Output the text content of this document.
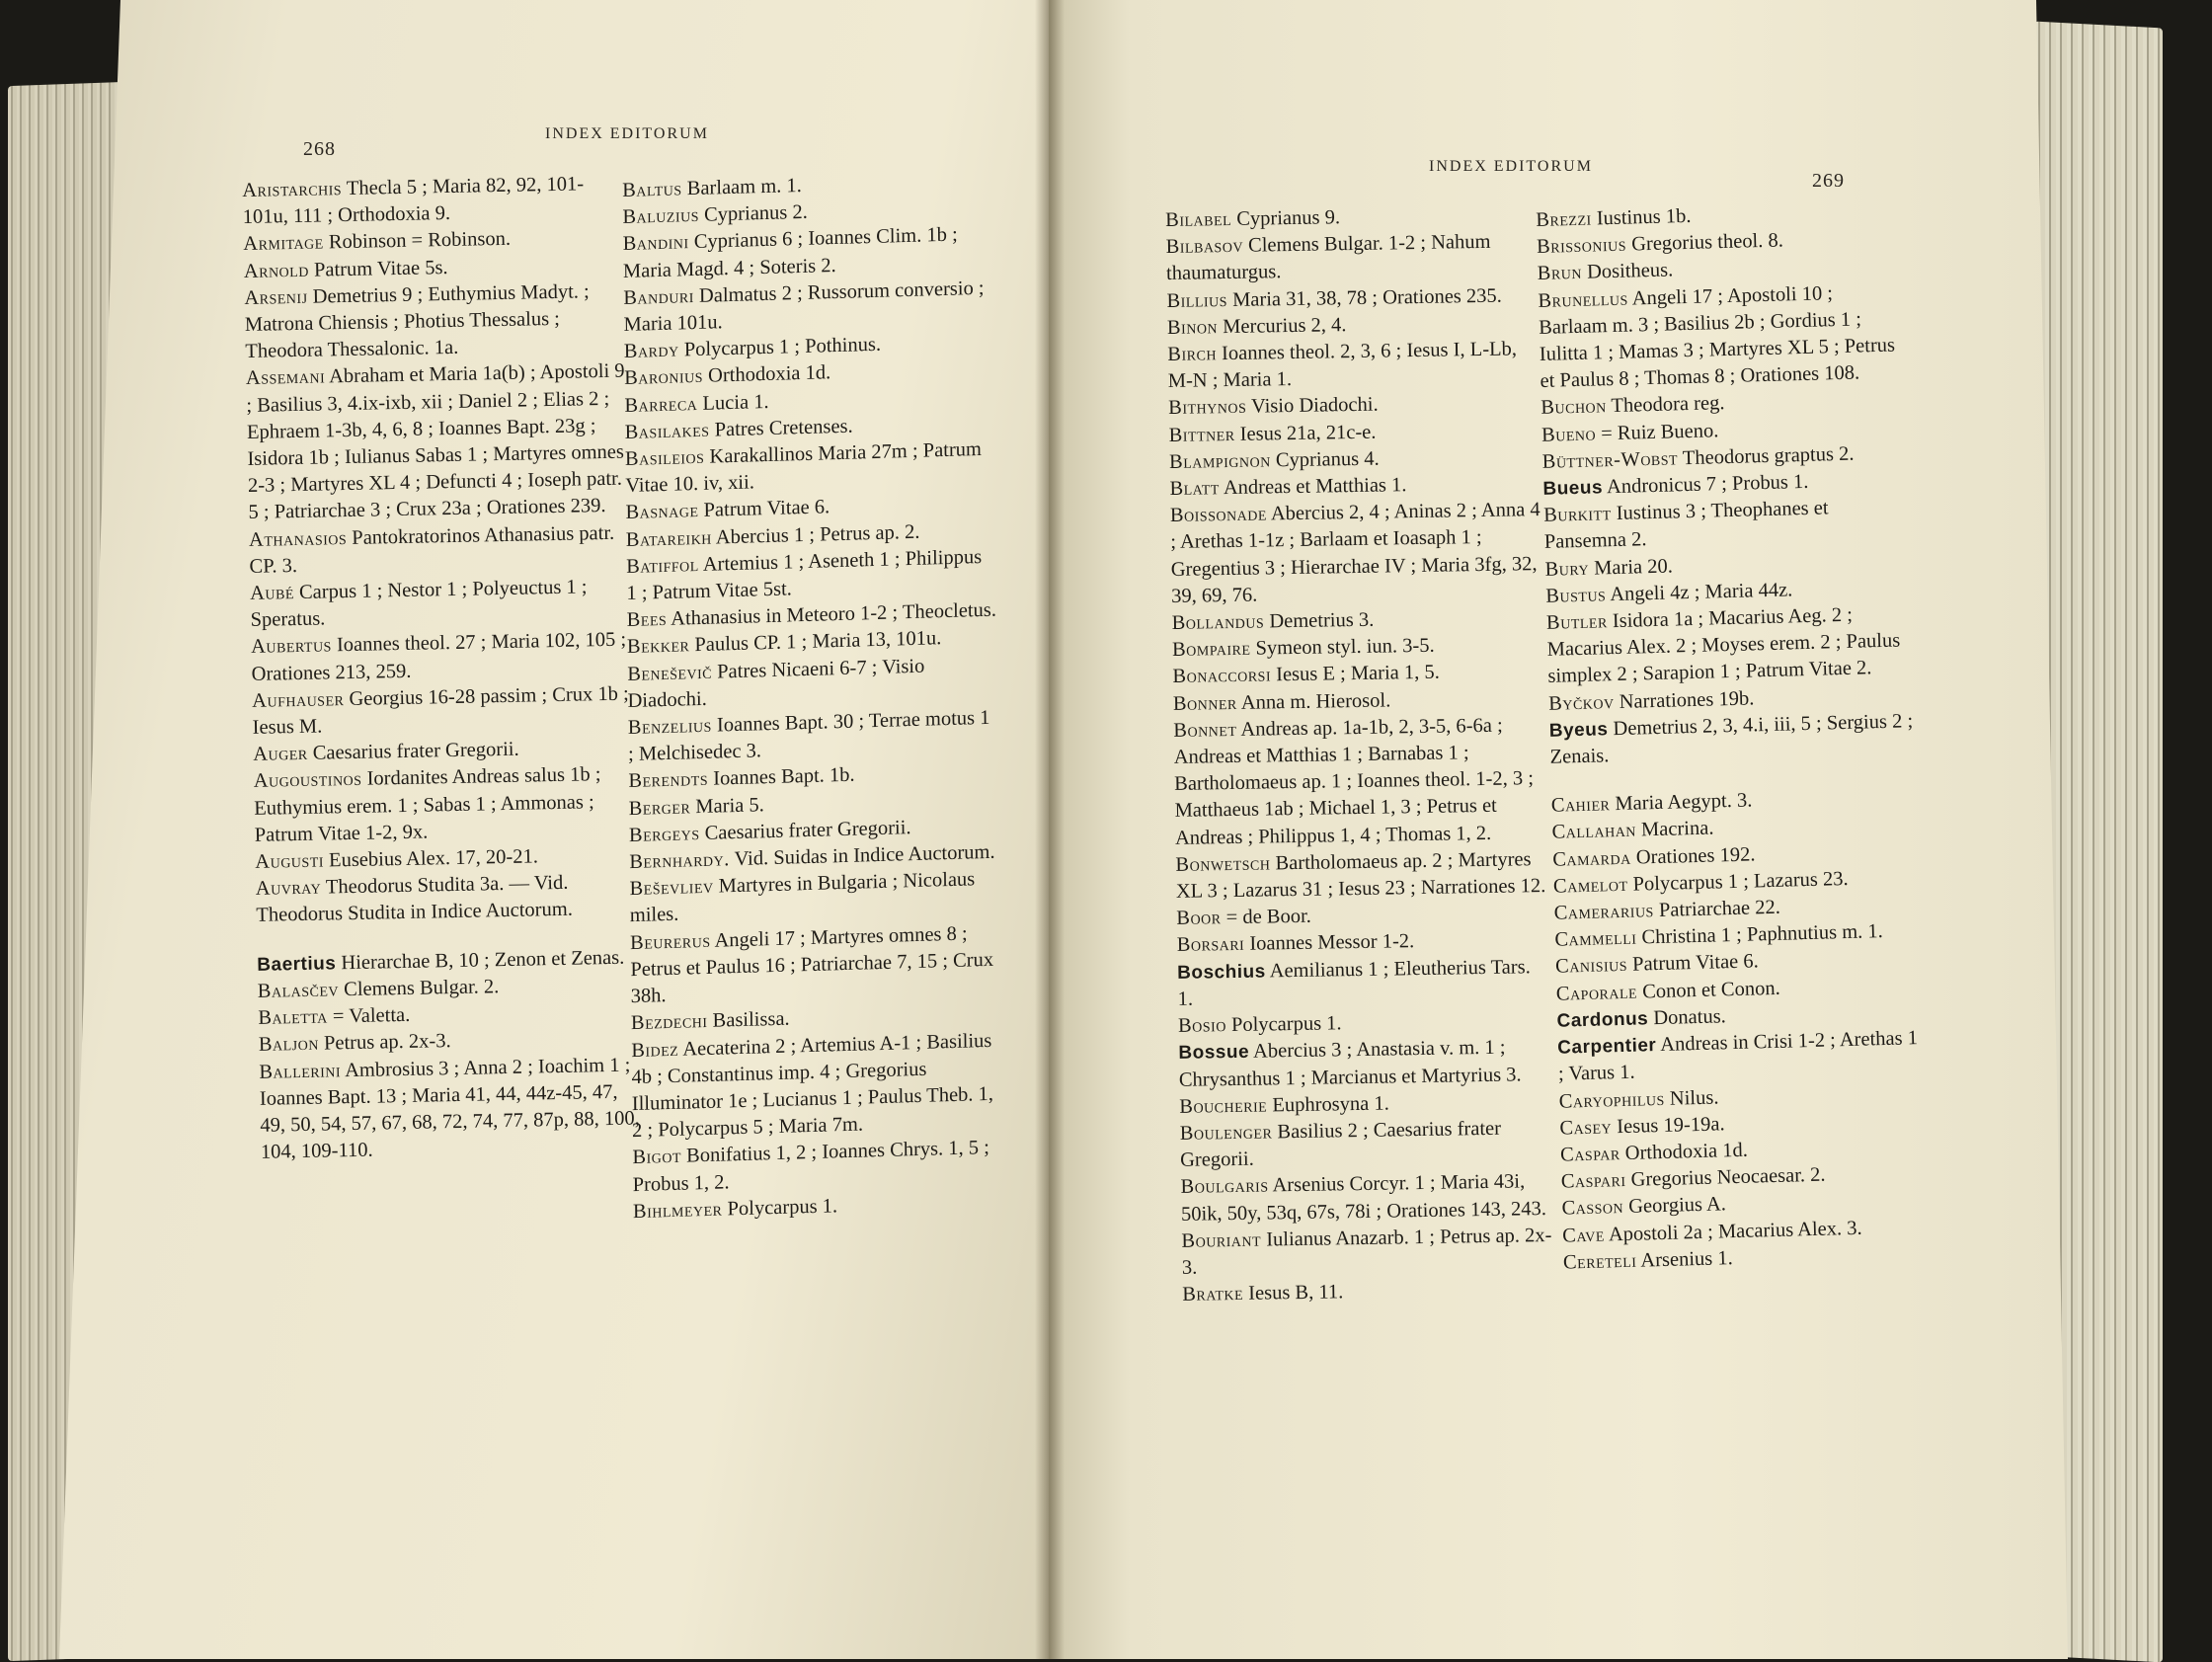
268
INDEX EDITORUM
269
INDEX EDITORUM

Aristarchis Thecla 5 ; Maria 82, 92, 101-101u, 111 ; Orthodoxia 9.

Armitage Robinson = Robinson.

Arnold Patrum Vitae 5s.

Arsenij Demetrius 9 ; Euthymius Madyt. ; Matrona Chiensis ; Photius Thessalus ; Theodora Thessalonic. 1a.

Assemani Abraham et Maria 1a(b) ; Apostoli 9 ; Basilius 3, 4.ix-ixb, xii ; Daniel 2 ; Elias 2 ; Ephraem 1-3b, 4, 6, 8 ; Ioannes Bapt. 23g ; Isidora 1b ; Iulianus Sabas 1 ; Martyres omnes 2-3 ; Martyres XL 4 ; Defuncti 4 ; Ioseph patr. 5 ; Patriarchae 3 ; Crux 23a ; Orationes 239.

Athanasios Pantokratorinos Athanasius patr. CP. 3.

Aubé Carpus 1 ; Nestor 1 ; Polyeuctus 1 ; Speratus.

Aubertus Ioannes theol. 27 ; Maria 102, 105 ; Orationes 213, 259.

Aufhauser Georgius 16-28 passim ; Crux 1b ; Iesus M.

Auger Caesarius frater Gregorii.

Augoustinos Iordanites Andreas salus 1b ; Euthymius erem. 1 ; Sabas 1 ; Ammonas ; Patrum Vitae 1-2, 9x.

Augusti Eusebius Alex. 17, 20-21.

Auvray Theodorus Studita 3a. — Vid. Theodorus Studita in Indice Auctorum.

Baertius Hierarchae B, 10 ; Zenon et Zenas.

Balasčev Clemens Bulgar. 2.

Baletta = Valetta.

Baljon Petrus ap. 2x-3.

Ballerini Ambrosius 3 ; Anna 2 ; Ioachim 1 ; Ioannes Bapt. 13 ; Maria 41, 44, 44z-45, 47, 49, 50, 54, 57, 67, 68, 72, 74, 77, 87p, 88, 100, 104, 109-110.

Baltus Barlaam m. 1.

Baluzius Cyprianus 2.

Bandini Cyprianus 6 ; Ioannes Clim. 1b ; Maria Magd. 4 ; Soteris 2.

Banduri Dalmatus 2 ; Russorum conversio ; Maria 101u.

Bardy Polycarpus 1 ; Pothinus.

Baronius Orthodoxia 1d.

Barreca Lucia 1.

Basilakes Patres Cretenses.

Basileios Karakallinos Maria 27m ; Patrum Vitae 10. iv, xii.

Basnage Patrum Vitae 6.

Batareikh Abercius 1 ; Petrus ap. 2.

Batiffol Artemius 1 ; Aseneth 1 ; Philippus 1 ; Patrum Vitae 5st.

Bees Athanasius in Meteoro 1-2 ; Theocletus.

Bekker Paulus CP. 1 ; Maria 13, 101u.

Beneševič Patres Nicaeni 6-7 ; Visio Diadochi.

Benzelius Ioannes Bapt. 30 ; Terrae motus 1 ; Melchisedec 3.

Berendts Ioannes Bapt. 1b.

Berger Maria 5.

Bergeys Caesarius frater Gregorii.

Bernhardy. Vid. Suidas in Indice Auctorum.

Beševliev Martyres in Bulgaria ; Nicolaus miles.

Beurerus Angeli 17 ; Martyres omnes 8 ; Petrus et Paulus 16 ; Patriarchae 7, 15 ; Crux 38h.

Bezdechi Basilissa.

Bidez Aecaterina 2 ; Artemius A-1 ; Basilius 4b ; Constantinus imp. 4 ; Gregorius Illuminator 1e ; Lucianus 1 ; Paulus Theb. 1, 2 ; Polycarpus 5 ; Maria 7m.

Bigot Bonifatius 1, 2 ; Ioannes Chrys. 1, 5 ; Probus 1, 2.

Bihlmeyer Polycarpus 1.

Bilabel Cyprianus 9.

Bilbasov Clemens Bulgar. 1-2 ; Nahum thaumaturgus.

Billius Maria 31, 38, 78 ; Orationes 235.

Binon Mercurius 2, 4.

Birch Ioannes theol. 2, 3, 6 ; Iesus I, L-Lb, M-N ; Maria 1.

Bithynos Visio Diadochi.

Bittner Iesus 21a, 21c-e.

Blampignon Cyprianus 4.

Blatt Andreas et Matthias 1.

Boissonade Abercius 2, 4 ; Aninas 2 ; Anna 4 ; Arethas 1-1z ; Barlaam et Ioasaph 1 ; Gregentius 3 ; Hierarchae IV ; Maria 3fg, 32, 39, 69, 76.

Bollandus Demetrius 3.

Bompaire Symeon styl. iun. 3-5.

Bonaccorsi Iesus E ; Maria 1, 5.

Bonner Anna m. Hierosol.

Bonnet Andreas ap. 1a-1b, 2, 3-5, 6-6a ; Andreas et Matthias 1 ; Barnabas 1 ; Bartholomaeus ap. 1 ; Ioannes theol. 1-2, 3 ; Matthaeus 1ab ; Michael 1, 3 ; Petrus et Andreas ; Philippus 1, 4 ; Thomas 1, 2.

Bonwetsch Bartholomaeus ap. 2 ; Martyres XL 3 ; Lazarus 31 ; Iesus 23 ; Narrationes 12.

Boor = de Boor.

Borsari Ioannes Messor 1-2.

Boschius Aemilianus 1 ; Eleutherius Tars. 1.

Bosio Polycarpus 1.

Bossue Abercius 3 ; Anastasia v. m. 1 ; Chrysanthus 1 ; Marcianus et Martyrius 3.

Boucherie Euphrosyna 1.

Boulenger Basilius 2 ; Caesarius frater Gregorii.

Boulgaris Arsenius Corcyr. 1 ; Maria 43i, 50ik, 50y, 53q, 67s, 78i ; Orationes 143, 243.

Bouriant Iulianus Anazarb. 1 ; Petrus ap. 2x-3.

Bratke Iesus B, 11.

Brezzi Iustinus 1b.

Brissonius Gregorius theol. 8.

Brun Dositheus.

Brunellus Angeli 17 ; Apostoli 10 ; Barlaam m. 3 ; Basilius 2b ; Gordius 1 ; Iulitta 1 ; Mamas 3 ; Martyres XL 5 ; Petrus et Paulus 8 ; Thomas 8 ; Orationes 108.

Buchon Theodora reg.

Bueno = Ruiz Bueno.

Büttner-Wobst Theodorus graptus 2.

Bueus Andronicus 7 ; Probus 1.

Burkitt Iustinus 3 ; Theophanes et Pansemna 2.

Bury Maria 20.

Bustus Angeli 4z ; Maria 44z.

Butler Isidora 1a ; Macarius Aeg. 2 ; Macarius Alex. 2 ; Moyses erem. 2 ; Paulus simplex 2 ; Sarapion 1 ; Patrum Vitae 2.

Byčkov Narrationes 19b.

Byeus Demetrius 2, 3, 4.i, iii, 5 ; Sergius 2 ; Zenais.

Cahier Maria Aegypt. 3.

Callahan Macrina.

Camarda Orationes 192.

Camelot Polycarpus 1 ; Lazarus 23.

Camerarius Patriarchae 22.

Cammelli Christina 1 ; Paphnutius m. 1.

Canisius Patrum Vitae 6.

Caporale Conon et Conon.

Cardonus Donatus.

Carpentier Andreas in Crisi 1-2 ; Arethas 1 ; Varus 1.

Caryophilus Nilus.

Casey Iesus 19-19a.

Caspar Orthodoxia 1d.

Caspari Gregorius Neocaesar. 2.

Casson Georgius A.

Cave Apostoli 2a ; Macarius Alex. 3.

Cereteli Arsenius 1.
